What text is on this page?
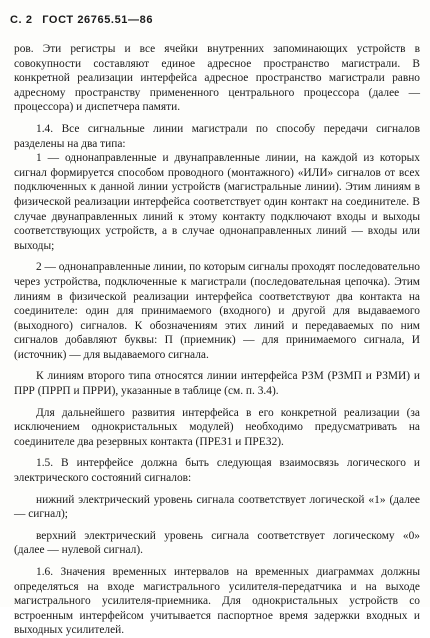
С. 2 ГОСТ 26765.51—86

ров. Эти регистры и все ячейки внутренних запоминающих устройств в совокупности составляют единое адресное пространство магистрали. В конкретной реализации интерфейса адресное пространство магистрали равно адресному пространству примененного центрального процессора (далее — процессора) и диспетчера памяти.

1.4. Все сигнальные линии магистрали по способу передачи сигналов разделены на два типа:

1 — однонаправленные и двунаправленные линии, на каждой из которых сигнал формируется способом проводного (монтажного) «ИЛИ» сигналов от всех подключенных к данной линии устройств (магистральные линии). Этим линиям в физической реализации интерфейса соответствует один контакт на соединителе. В случае двунаправленных линий к этому контакту подключают входы и выходы соответствующих устройств, а в случае однонаправленных линий — входы или выходы;

2 — однонаправленные линии, по которым сигналы проходят последовательно через устройства, подключенные к магистрали (последовательная цепочка). Этим линиям в физической реализации интерфейса соответствуют два контакта на соединителе: один для принимаемого (входного) и другой для выдаваемого (выходного) сигналов. К обозначениям этих линий и передаваемых по ним сигналов добавляют буквы: П (приемник) — для принимаемого сигнала, И (источник) — для выдаваемого сигнала.

К линиям второго типа относятся линии интерфейса РЗМ (РЗМП и РЗМИ) и ПРР (ПРРП и ПРРИ), указанные в таблице (см. п. 3.4).

Для дальнейшего развития интерфейса в его конкретной реализации (за исключением однокристальных модулей) необходимо предусматривать на соединителе два резервных контакта (ПРЕЗ1 и ПРЕЗ2).

1.5. В интерфейсе должна быть следующая взаимосвязь логического и электрического состояний сигналов:

нижний электрический уровень сигнала соответствует логической «1» (далее — сигнал);

верхний электрический уровень сигнала соответствует логическому «0» (далее — нулевой сигнал).

1.6. Значения временных интервалов на временных диаграммах должны определяться на входе магистрального усилителя-передатчика и на выходе магистрального усилителя-приемника. Для однокристальных устройств со встроенным интерфейсом учитывается паспортное время задержки входных и выходных усилителей.
